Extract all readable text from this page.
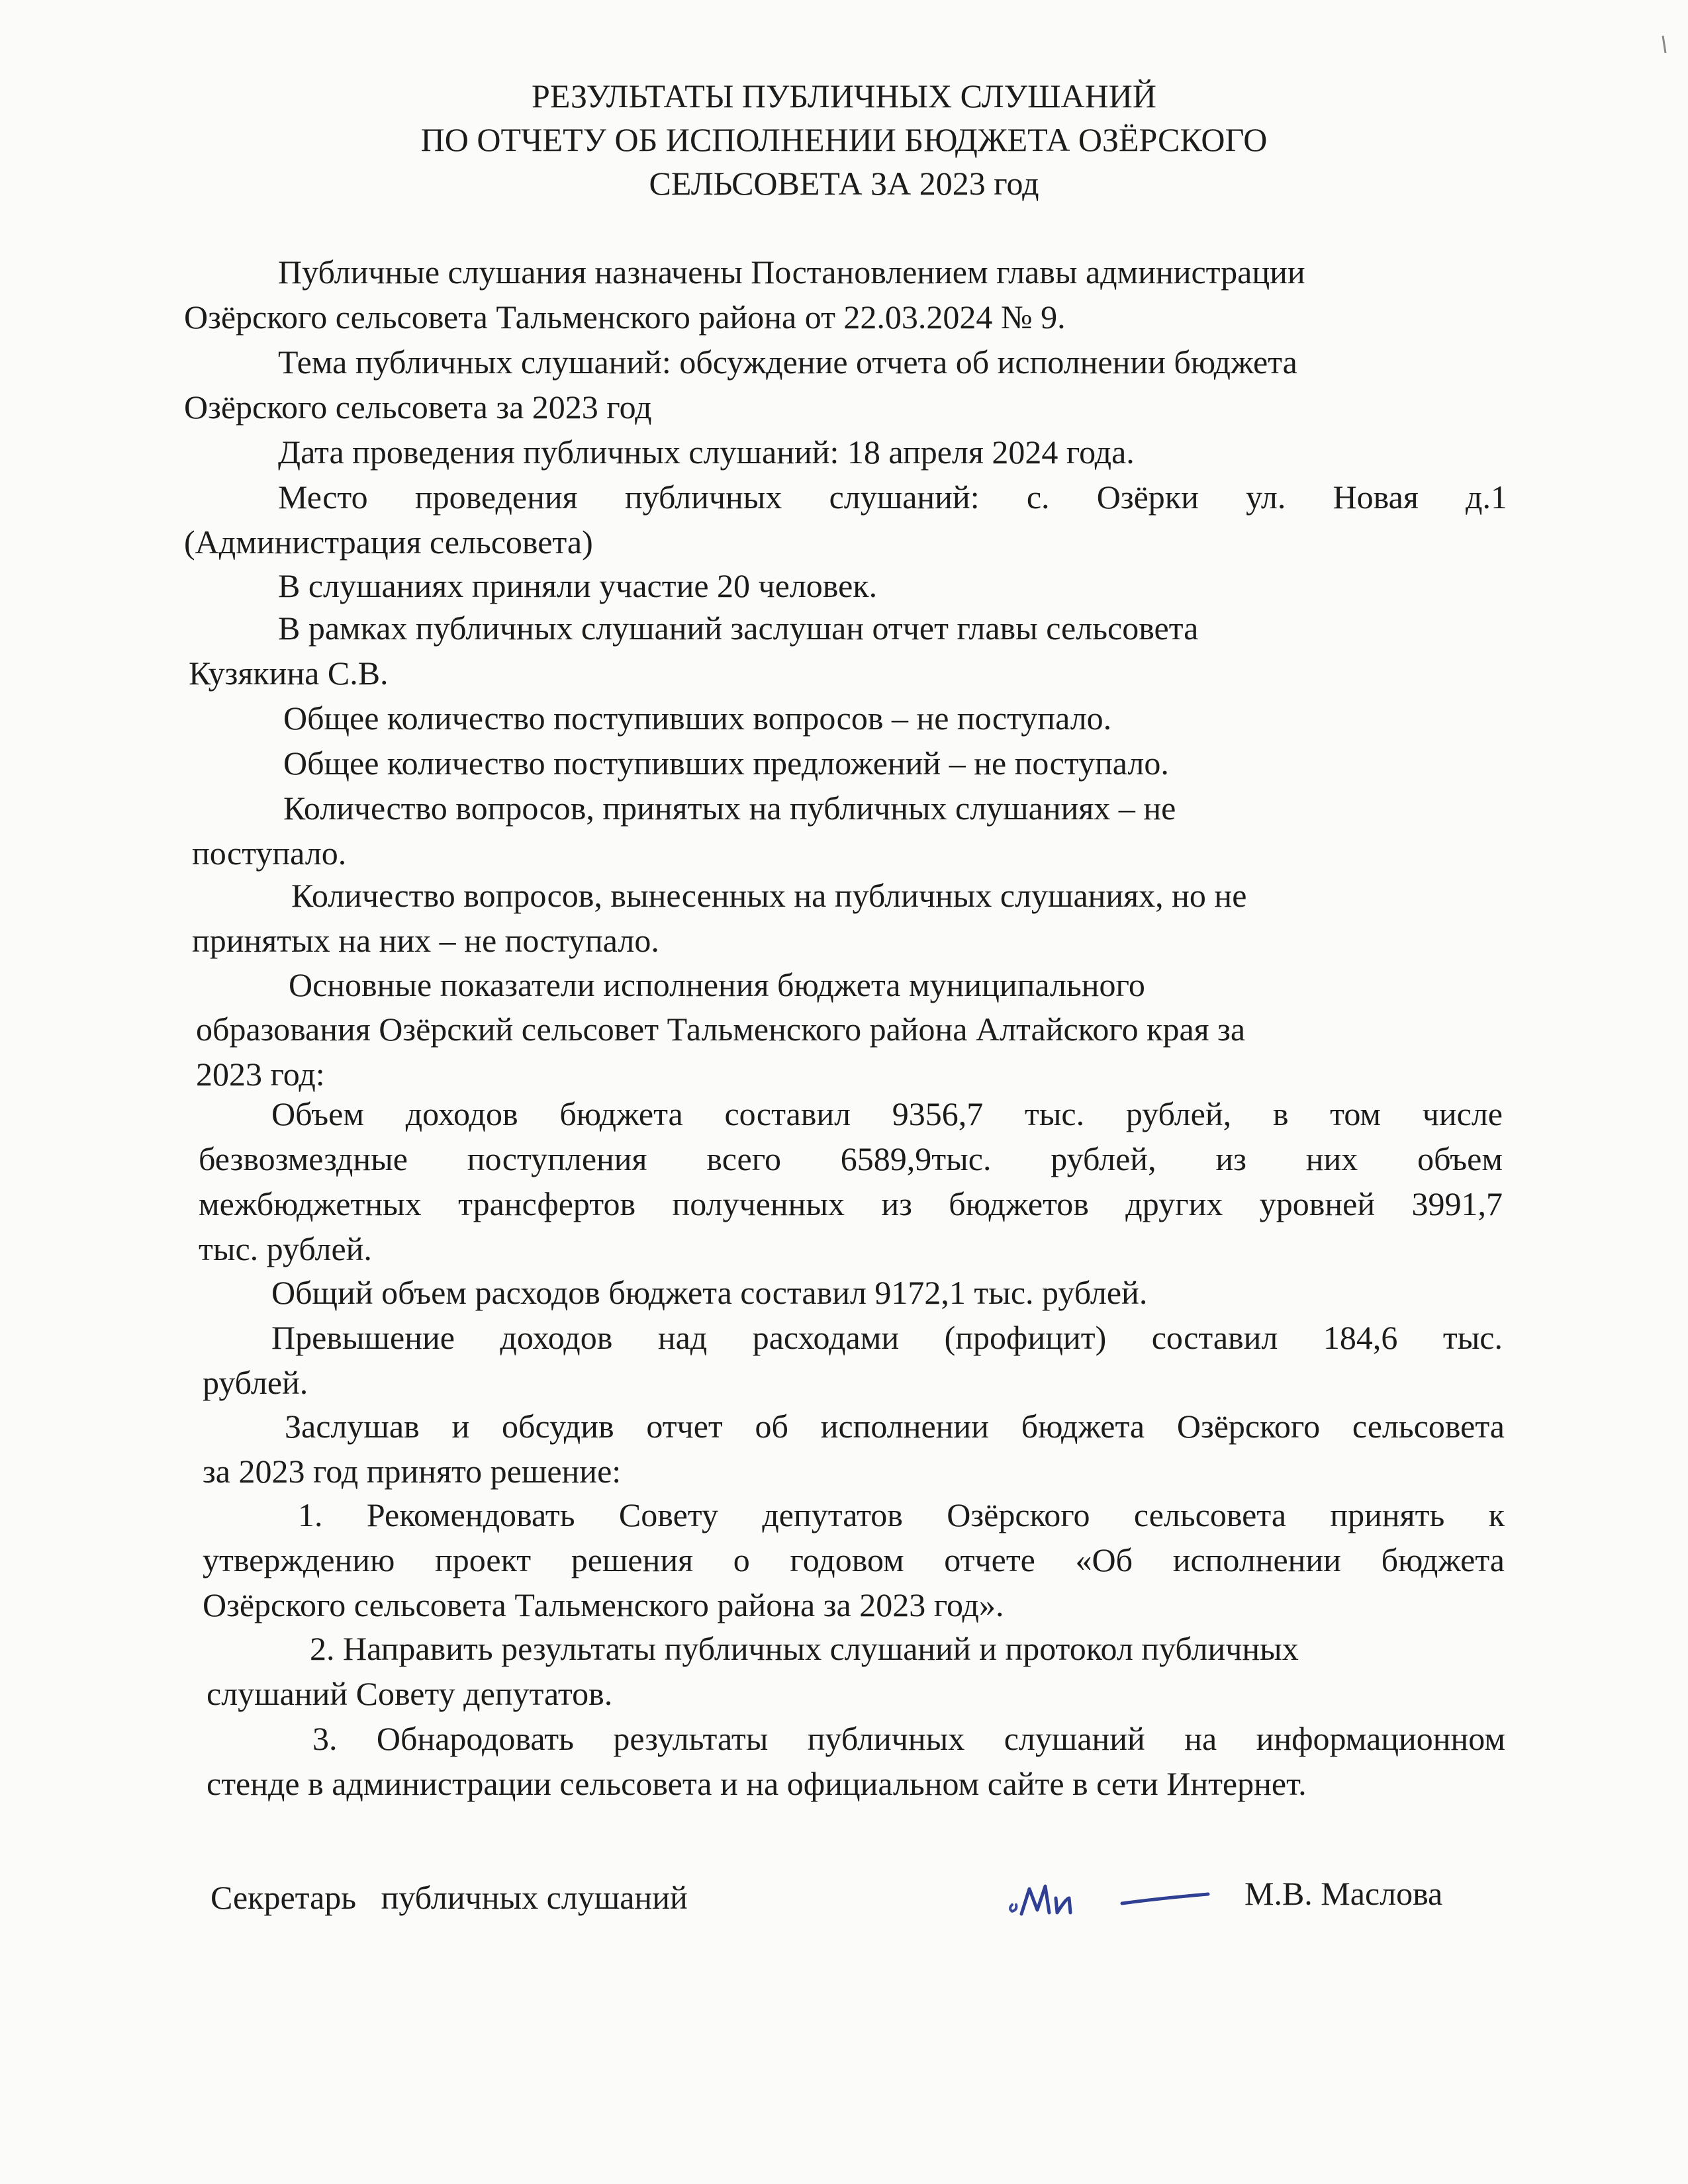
РЕЗУЛЬТАТЫ ПУБЛИЧНЫХ СЛУШАНИЙ
ПО ОТЧЕТУ ОБ ИСПОЛНЕНИИ БЮДЖЕТА ОЗЁРСКОГО
СЕЛЬСОВЕТА ЗА 2023 год
Публичные слушания назначены Постановлением главы администрации
Озёрского сельсовета Тальменского района от 22.03.2024 № 9.
Тема публичных слушаний: обсуждение отчета об исполнении бюджета
Озёрского сельсовета за 2023 год
Дата проведения публичных слушаний: 18 апреля 2024 года.
Место проведения публичных слушаний: с. Озёрки ул. Новая д.1
(Администрация сельсовета)
В слушаниях приняли участие 20 человек.
В рамках публичных слушаний заслушан отчет главы сельсовета
Кузякина С.В.
Общее количество поступивших вопросов – не поступало.
Общее количество поступивших предложений – не поступало.
Количество вопросов, принятых на публичных слушаниях – не
поступало.
Количество вопросов, вынесенных на публичных слушаниях, но не
принятых на них – не поступало.
Основные показатели исполнения бюджета муниципального
образования Озёрский сельсовет Тальменского района Алтайского края за
2023 год:
Объем доходов бюджета составил 9356,7 тыс. рублей, в том числе
безвозмездные поступления всего 6589,9тыс. рублей, из них объем
межбюджетных трансфертов полученных из бюджетов других уровней 3991,7
тыс. рублей.
Общий объем расходов бюджета составил 9172,1 тыс. рублей.
Превышение доходов над расходами (профицит) составил 184,6 тыс.
рублей.
Заслушав и обсудив отчет об исполнении бюджета Озёрского сельсовета
за 2023 год принято решение:
1. Рекомендовать Совету депутатов Озёрского сельсовета принять к
утверждению проект решения о годовом отчете «Об исполнении бюджета
Озёрского сельсовета Тальменского района за 2023 год».
2. Направить результаты публичных слушаний и протокол публичных
слушаний Совету депутатов.
3. Обнародовать результаты публичных слушаний на информационном
стенде в администрации сельсовета и на официальном сайте в сети Интернет.
Секретарь   публичных слушаний	М.В. Маслова
